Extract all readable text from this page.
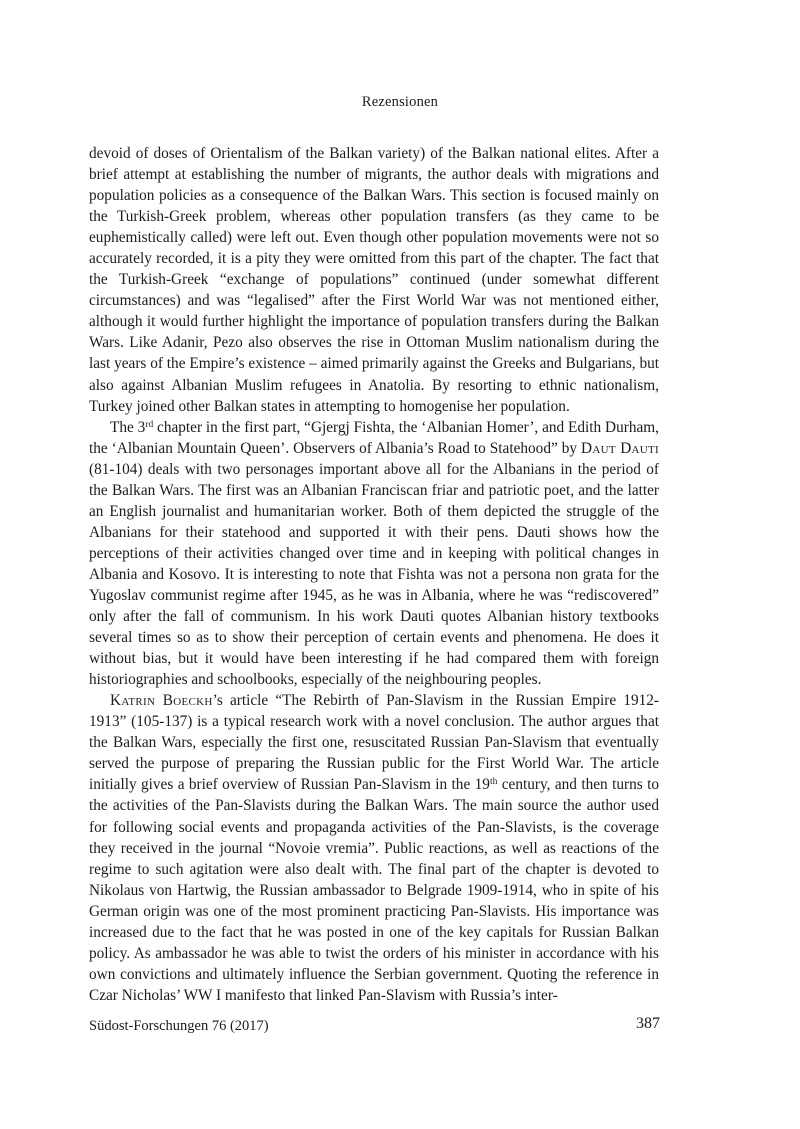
Rezensionen

devoid of doses of Orientalism of the Balkan variety) of the Balkan national elites. After a brief attempt at establishing the number of migrants, the author deals with migrations and population policies as a consequence of the Balkan Wars. This section is focused mainly on the Turkish-Greek problem, whereas other population transfers (as they came to be euphemistically called) were left out. Even though other population movements were not so accurately recorded, it is a pity they were omitted from this part of the chapter. The fact that the Turkish-Greek “exchange of populations” continued (under somewhat different circumstances) and was “legalised” after the First World War was not mentioned either, although it would further highlight the importance of population transfers during the Balkan Wars. Like Adanir, Pezo also observes the rise in Ottoman Muslim nationalism during the last years of the Empire’s existence – aimed primarily against the Greeks and Bulgarians, but also against Albanian Muslim refugees in Anatolia. By resorting to ethnic nationalism, Turkey joined other Balkan states in attempting to homogenise her population.

The 3rd chapter in the first part, “Gjergj Fishta, the ‘Albanian Homer’, and Edith Durham, the ‘Albanian Mountain Queen’. Observers of Albania’s Road to Statehood” by Daut Dauti (81-104) deals with two personages important above all for the Albanians in the period of the Balkan Wars. The first was an Albanian Franciscan friar and patriotic poet, and the latter an English journalist and humanitarian worker. Both of them depicted the struggle of the Albanians for their statehood and supported it with their pens. Dauti shows how the perceptions of their activities changed over time and in keeping with political changes in Albania and Kosovo. It is interesting to note that Fishta was not a persona non grata for the Yugoslav communist regime after 1945, as he was in Albania, where he was “rediscovered” only after the fall of communism. In his work Dauti quotes Albanian history textbooks several times so as to show their perception of certain events and phenomena. He does it without bias, but it would have been interesting if he had compared them with foreign historiographies and schoolbooks, especially of the neighbouring peoples.

Katrin Boeckh’s article “The Rebirth of Pan-Slavism in the Russian Empire 1912-1913” (105-137) is a typical research work with a novel conclusion. The author argues that the Balkan Wars, especially the first one, resuscitated Russian Pan-Slavism that eventually served the purpose of preparing the Russian public for the First World War. The article initially gives a brief overview of Russian Pan-Slavism in the 19th century, and then turns to the activities of the Pan-Slavists during the Balkan Wars. The main source the author used for following social events and propaganda activities of the Pan-Slavists, is the coverage they received in the journal “Novoie vremia”. Public reactions, as well as reactions of the regime to such agitation were also dealt with. The final part of the chapter is devoted to Nikolaus von Hartwig, the Russian ambassador to Belgrade 1909-1914, who in spite of his German origin was one of the most prominent practicing Pan-Slavists. His importance was increased due to the fact that he was posted in one of the key capitals for Russian Balkan policy. As ambassador he was able to twist the orders of his minister in accordance with his own convictions and ultimately influence the Serbian government. Quoting the reference in Czar Nicholas’ WW I manifesto that linked Pan-Slavism with Russia’s inter-

Südost-Forschungen 76 (2017)	387
